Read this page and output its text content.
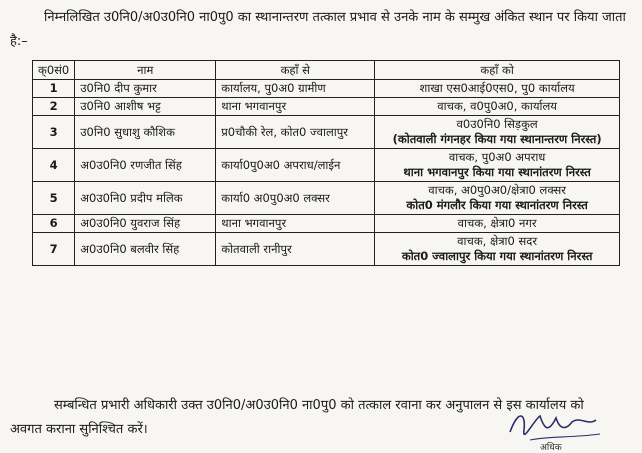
निम्नलिखित उ0नि0/अ0उ0नि0 ना0पु0 का स्थानान्तरण तत्काल प्रभाव से उनके नाम के सम्मुख अंकित स्थान पर किया जाता है:–

क्0सं0	नाम	कहाँ से	कहाँ को
1	उ0नि0 दीप कुमार	कार्यालय, पु0अ0 ग्रामीण	शाखा एस0आई0एस0, पु0 कार्यालय

2	उ0नि0 आशीष भट्ट	थाना भगवानपुर	वाचक, व0पु0अ0, कार्यालय

3	उ0नि0 सुधाशु कौशिक	प्र0चौकी रेल, कोत0 ज्वालापुर	व0उ0नि0 सिड़कुल
(कोतवाली गंगनहर किया गया स्थानान्तरण निरस्त)

4	अ0उ0नि0 रणजीत सिंह	कार्या0पु0अ0 अपराध/लाईन	वाचक, पु0अ0 अपराध
थाना भगवानपुर किया गया स्थानांतरण निरस्त

5	अ0उ0नि0 प्रदीप मलिक	कार्या0 अ0पु0अ0 लक्सर	वाचक, अ0पु0अ0/क्षेत्रा0 लक्सर
कोत0 मंगलौर किया गया स्थानांतरण निरस्त

6	अ0उ0नि0 युवराज सिंह	थाना भगवानपुर	वाचक, क्षेत्रा0 नगर

7	अ0उ0नि0 बलवीर सिंह	कोतवाली रानीपुर	वाचक, क्षेत्रा0 सदर
कोत0 ज्वालापुर किया गया स्थानांतरण निरस्त

सम्बन्धित प्रभारी अधिकारी उक्त उ0नि0/अ0उ0नि0 ना0पु0 को तत्काल रवाना कर अनुपालन से इस कार्यालय को अवगत कराना सुनिश्चित करें।

अधिक
